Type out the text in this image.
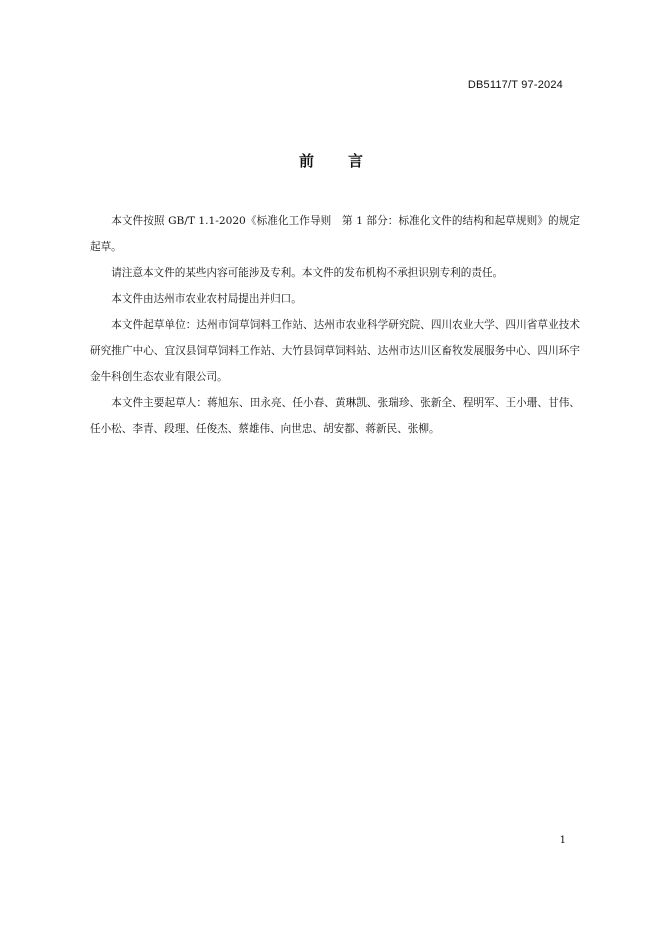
DB5117/T 97-2024
前 言

本文件按照 GB/T 1.1-2020《标准化工作导则　第 1 部分：标准化文件的结构和起草规则》的规定起草。

请注意本文件的某些内容可能涉及专利。本文件的发布机构不承担识别专利的责任。

本文件由达州市农业农村局提出并归口。

本文件起草单位：达州市饲草饲料工作站、达州市农业科学研究院、四川农业大学、四川省草业技术研究推广中心、宜汉县饲草饲料工作站、大竹县饲草饲料站、达州市达川区畜牧发展服务中心、四川环宇金牛科创生态农业有限公司。

本文件主要起草人：蒋旭东、田永亮、任小春、黄琳凯、张瑞珍、张新全、程明军、王小珊、甘伟、任小松、李青、段理、任俊杰、蔡雄伟、向世忠、胡安都、蒋新民、张柳。

1
